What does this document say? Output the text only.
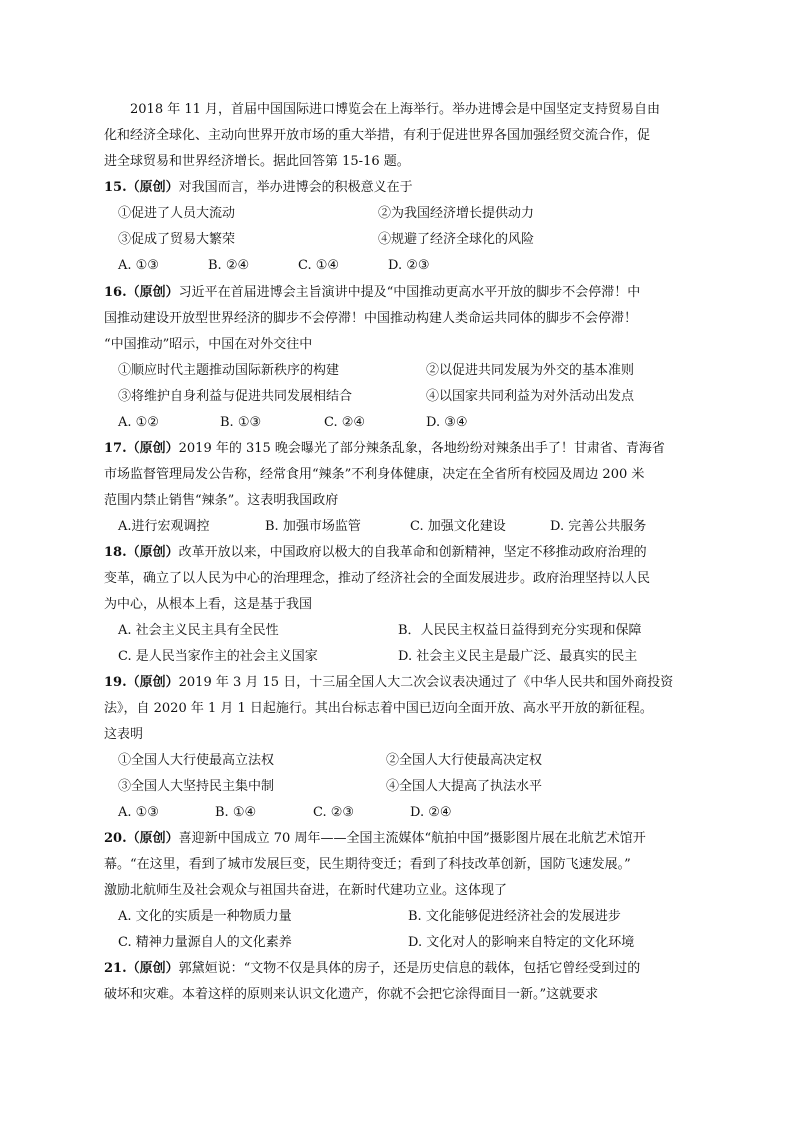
　　2018 年 11 月，首届中国国际进口博览会在上海举行。举办进博会是中国坚定支持贸易自由
化和经济全球化、主动向世界开放市场的重大举措，有利于促进世界各国加强经贸交流合作，促
进全球贸易和世界经济增长。据此回答第 15-16 题。
15.（原创）对我国而言，举办进博会的积极意义在于
①促进了人员大流动	②为我国经济增长提供动力
③促成了贸易大繁荣	④规避了经济全球化的风险
A. ①③	B. ②④	C. ①④	D. ②③
16.（原创）习近平在首届进博会主旨演讲中提及“中国推动更高水平开放的脚步不会停滞！中
国推动建设开放型世界经济的脚步不会停滞！中国推动构建人类命运共同体的脚步不会停滞！
“中国推动”昭示，中国在对外交往中
①顺应时代主题推动国际新秩序的构建	②以促进共同发展为外交的基本准则
③将维护自身利益与促进共同发展相结合	④以国家共同利益为对外活动出发点
A. ①②	B. ①③	C. ②④	D. ③④
17.（原创）2019 年的 315 晚会曝光了部分辣条乱象，各地纷纷对辣条出手了！甘肃省、青海省
市场监督管理局发公告称，经常食用“辣条”不利身体健康，决定在全省所有校园及周边 200 米
范围内禁止销售“辣条”。这表明我国政府
A.进行宏观调控	B. 加强市场监管	C. 加强文化建设	D. 完善公共服务
18.（原创）改革开放以来，中国政府以极大的自我革命和创新精神，坚定不移推动政府治理的
变革，确立了以人民为中心的治理理念，推动了经济社会的全面发展进步。政府治理坚持以人民
为中心，从根本上看，这是基于我国
A. 社会主义民主具有全民性	B．人民民主权益日益得到充分实现和保障
C. 是人民当家作主的社会主义国家	D. 社会主义民主是最广泛、最真实的民主
19.（原创）2019 年 3 月 15 日，十三届全国人大二次会议表决通过了《中华人民共和国外商投资
法》，自 2020 年 1 月 1 日起施行。其出台标志着中国已迈向全面开放、高水平开放的新征程。
这表明
①全国人大行使最高立法权	②全国人大行使最高决定权
③全国人大坚持民主集中制	④全国人大提高了执法水平
A. ①③	B. ①④	C. ②③	D. ②④
20.（原创）喜迎新中国成立 70 周年——全国主流媒体“航拍中国”摄影图片展在北航艺术馆开
幕。“在这里，看到了城市发展巨变，民生期待变迁；看到了科技改革创新，国防飞速发展。”
激励北航师生及社会观众与祖国共奋进，在新时代建功立业。这体现了
A. 文化的实质是一种物质力量	B. 文化能够促进经济社会的发展进步
C. 精神力量源自人的文化素养	D. 文化对人的影响来自特定的文化环境
21.（原创）郭黛姮说：“文物不仅是具体的房子，还是历史信息的载体，包括它曾经受到过的
破坏和灾难。本着这样的原则来认识文化遗产，你就不会把它涂得面目一新。”这就要求
